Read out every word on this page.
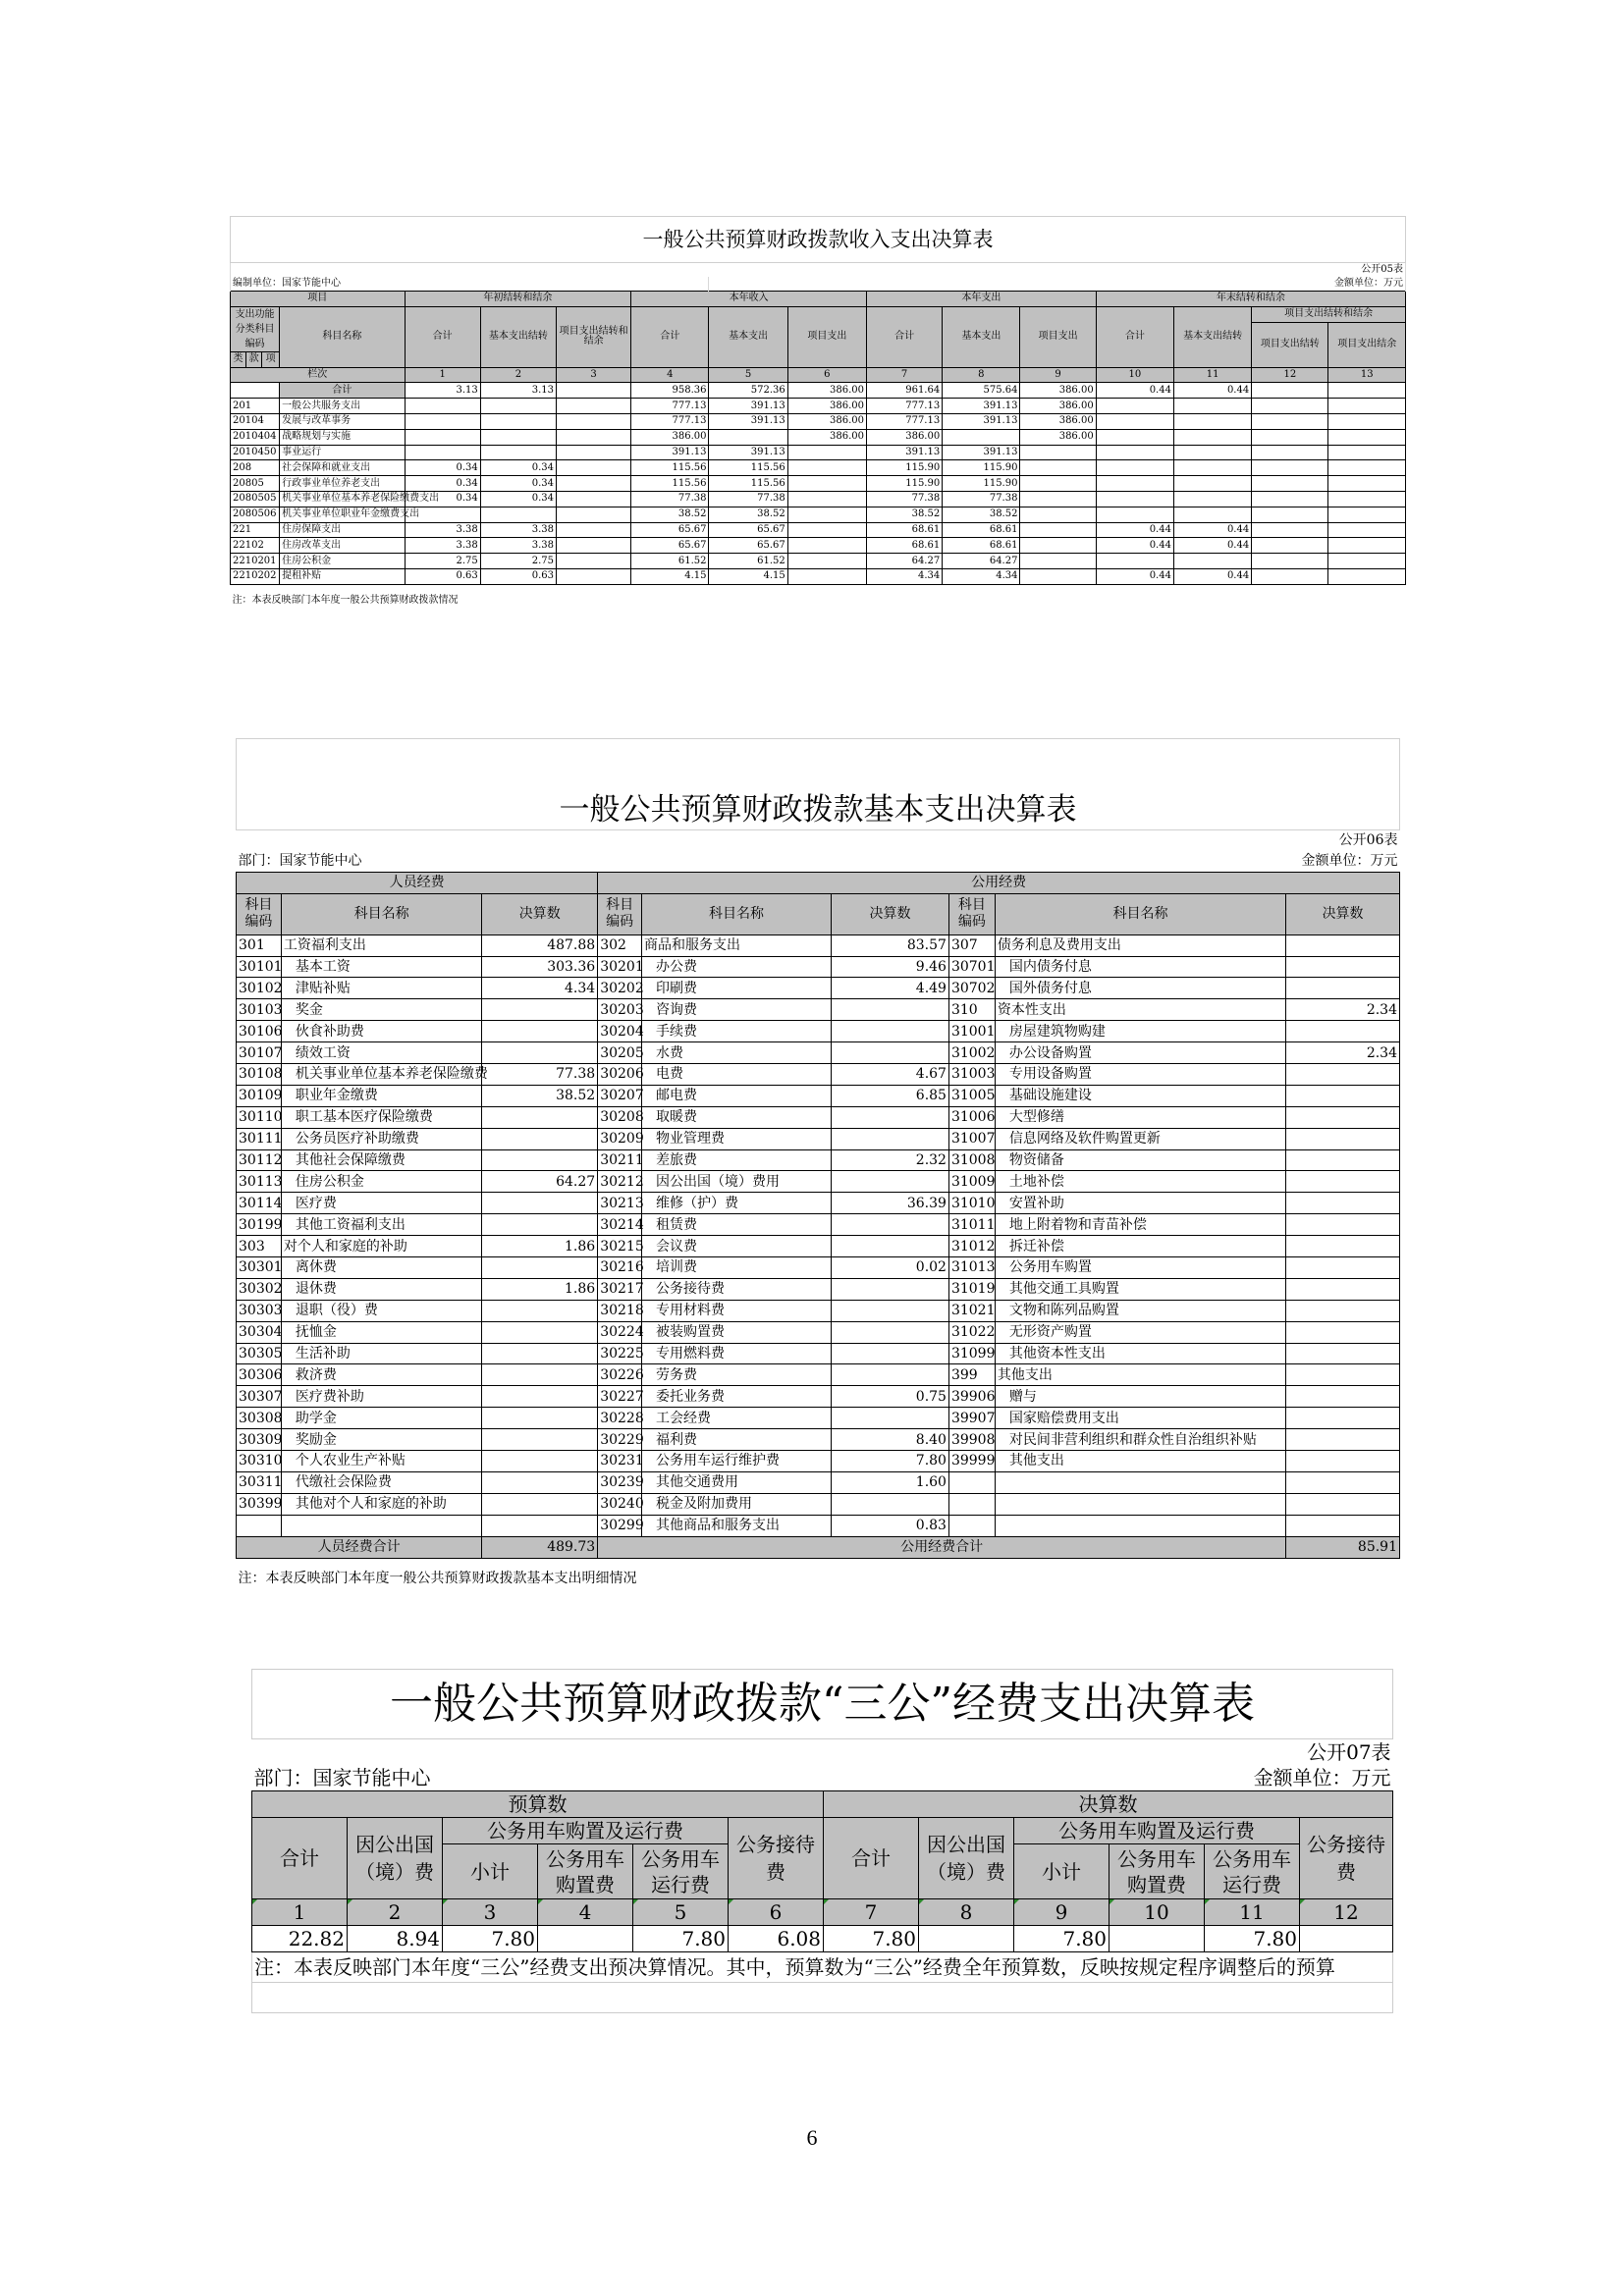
一般公共预算财政拨款收入支出决算表																
公开05表																
编制单位：国家节能中心								金额单位：万元								
项目				年初结转和结余			本年收入			本年支出			年末结转和结余			
支出功能分类科目编码			科目名称	合计	基本支出结转	项目支出结转和结余	合计	基本支出	项目支出	合计	基本支出	项目支出	合计	基本支出结转	项目支出结转和结余	
															项目支出结转	项目支出结余
类	款	项														
栏次				1	2	3	4	5	6	7	8	9	10	11	12	13
			合计	3.13	3.13		958.36	572.36	386.00	961.64	575.64	386.00	0.44	0.44		
201			一般公共服务支出				777.13	391.13	386.00	777.13	391.13	386.00				
20104			发展与改革事务				777.13	391.13	386.00	777.13	391.13	386.00				
2010404			战略规划与实施				386.00		386.00	386.00		386.00				
2010450			事业运行				391.13	391.13		391.13	391.13					
208			社会保障和就业支出	0.34	0.34		115.56	115.56		115.90	115.90					
20805			行政事业单位养老支出	0.34	0.34		115.56	115.56		115.90	115.90					
2080505			机关事业单位基本养老保险缴费支出	0.34	0.34		77.38	77.38		77.38	77.38					
2080506			机关事业单位职业年金缴费支出				38.52	38.52		38.52	38.52					
221			住房保障支出	3.38	3.38		65.67	65.67		68.61	68.61		0.44	0.44		
22102			住房改革支出	3.38	3.38		65.67	65.67		68.61	68.61		0.44	0.44		
2210201			住房公积金	2.75	2.75		61.52	61.52		64.27	64.27					
2210202			提租补贴	0.63	0.63		4.15	4.15		4.34	4.34		0.44	0.44		
注：本表反映部门本年度一般公共预算财政拨款情况																
一般公共预算财政拨款基本支出决算表								
公开06表								
部门：国家节能中心				金额单位：万元				
人员经费			公用经费					
科目编码	科目名称	决算数	科目编码	科目名称	决算数	科目编码	科目名称	决算数
301	工资福利支出	487.88	302	商品和服务支出	83.57	307	债务利息及费用支出	
30101	基本工资	303.36	30201	办公费	9.46	30701	国内债务付息	
30102	津贴补贴	4.34	30202	印刷费	4.49	30702	国外债务付息	
30103	奖金		30203	咨询费		310	资本性支出	2.34
30106	伙食补助费		30204	手续费		31001	房屋建筑物购建	
30107	绩效工资		30205	水费		31002	办公设备购置	2.34
30108	机关事业单位基本养老保险缴费	77.38	30206	电费	4.67	31003	专用设备购置	
30109	职业年金缴费	38.52	30207	邮电费	6.85	31005	基础设施建设	
30110	职工基本医疗保险缴费		30208	取暖费		31006	大型修缮	
30111	公务员医疗补助缴费		30209	物业管理费		31007	信息网络及软件购置更新	
30112	其他社会保障缴费		30211	差旅费	2.32	31008	物资储备	
30113	住房公积金	64.27	30212	因公出国（境）费用		31009	土地补偿	
30114	医疗费		30213	维修（护）费	36.39	31010	安置补助	
30199	其他工资福利支出		30214	租赁费		31011	地上附着物和青苗补偿	
303	对个人和家庭的补助	1.86	30215	会议费		31012	拆迁补偿	
30301	离休费		30216	培训费	0.02	31013	公务用车购置	
30302	退休费	1.86	30217	公务接待费		31019	其他交通工具购置	
30303	退职（役）费		30218	专用材料费		31021	文物和陈列品购置	
30304	抚恤金		30224	被装购置费		31022	无形资产购置	
30305	生活补助		30225	专用燃料费		31099	其他资本性支出	
30306	救济费		30226	劳务费		399	其他支出	
30307	医疗费补助		30227	委托业务费	0.75	39906	赠与	
30308	助学金		30228	工会经费		39907	国家赔偿费用支出	
30309	奖励金		30229	福利费	8.40	39908	对民间非营利组织和群众性自治组织补贴	
30310	个人农业生产补贴		30231	公务用车运行维护费	7.80	39999	其他支出	
30311	代缴社会保险费		30239	其他交通费用	1.60			
30399	其他对个人和家庭的补助		30240	税金及附加费用				
			30299	其他商品和服务支出	0.83			
人员经费合计		489.73	公用经费合计					85.91
注：本表反映部门本年度一般公共预算财政拨款基本支出明细情况								
一般公共预算财政拨款“三公”经费支出决算表											
公开07表											
部门：国家节能中心						金额单位：万元					
预算数						决算数					
合计	因公出国（境）费	公务用车购置及运行费			公务接待费	合计	因公出国（境）费	公务用车购置及运行费			公务接待费
		小计	公务用车购置费	公务用车运行费				小计	公务用车购置费	公务用车运行费	
1	2	3	4	5	6	7	8	9	10	11	12
22.82	8.94	7.80		7.80	6.08	7.80		7.80		7.80	
注：本表反映部门本年度“三公”经费支出预决算情况。其中，预算数为“三公”经费全年预算数，反映按规定程序调整后的预算											

6
